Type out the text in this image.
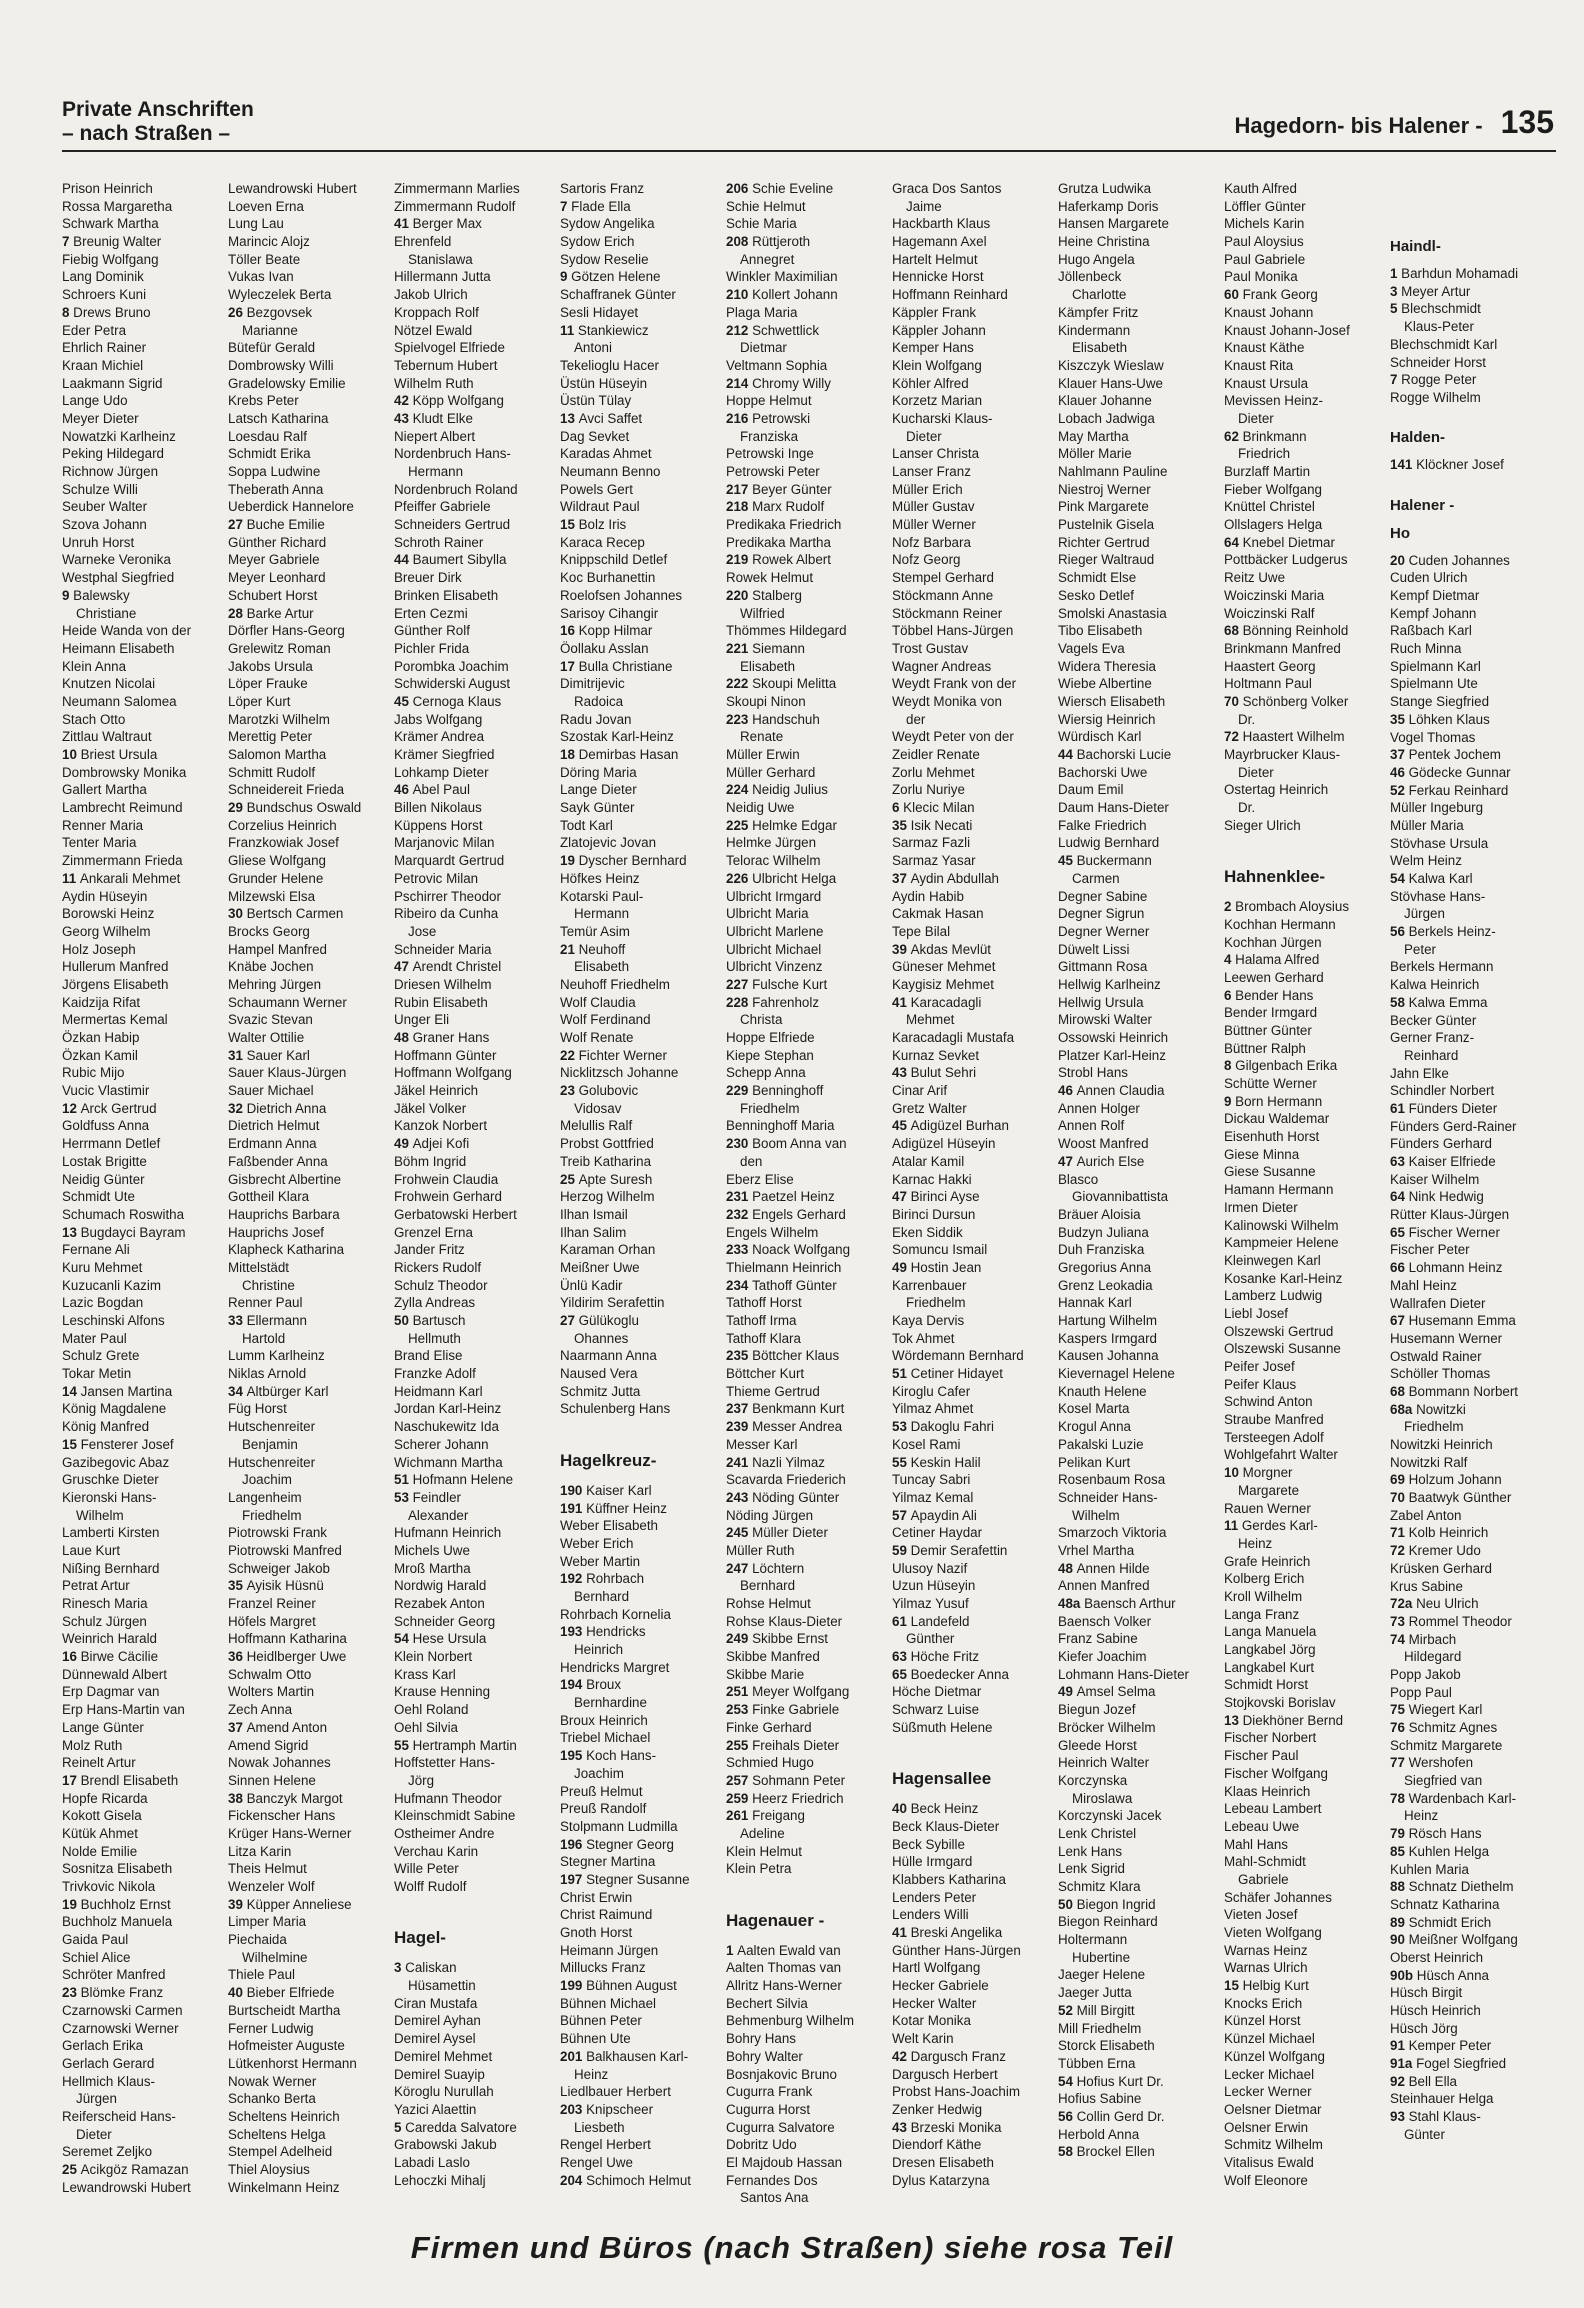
Private Anschriften
– nach Straßen –	Hagedorn- bis Halener - 135
Prison Heinrich
Rossa Margaretha
Schwark Martha
7 Breunig Walter
Fiebig Wolfgang
Lang Dominik
Schroers Kuni
8 Drews Bruno
Eder Petra
Ehrlich Rainer
Kraan Michiel
Laakmann Sigrid
Lange Udo
Meyer Dieter
Nowatzki Karlheinz
Peking Hildegard
Richnow Jürgen
Schulze Willi
Seuber Walter
Szova Johann
Unruh Horst
Warneke Veronika
Westphal Siegfried
9 Balewsky
Christiane
Heide Wanda von der
Heimann Elisabeth
Klein Anna
Knutzen Nicolai
Neumann Salomea
Stach Otto
Zittlau Waltraut
10 Briest Ursula
Dombrowsky Monika
Gallert Martha
Lambrecht Reimund
Renner Maria
Tenter Maria
Zimmermann Frieda
11 Ankarali Mehmet
Aydin Hüseyin
Borowski Heinz
Georg Wilhelm
Holz Joseph
Hullerum Manfred
Jörgens Elisabeth
Kaidzija Rifat
Mermertas Kemal
Özkan Habip
Özkan Kamil
Rubic Mijo
Vucic Vlastimir
12 Arck Gertrud
Goldfuss Anna
Herrmann Detlef
Lostak Brigitte
Neidig Günter
Schmidt Ute
Schumach Roswitha
13 Bugdayci Bayram
Fernane Ali
Kuru Mehmet
Kuzucanli Kazim
Lazic Bogdan
Leschinski Alfons
Mater Paul
Schulz Grete
Tokar Metin
14 Jansen Martina
König Magdalene
König Manfred
15 Fensterer Josef
Gazibegovic Abaz
Gruschke Dieter
Kieronski Hans-
Wilhelm
Lamberti Kirsten
Laue Kurt
Nißing Bernhard
Petrat Artur
Rinesch Maria
Schulz Jürgen
Weinrich Harald
16 Birwe Cäcilie
Dünnewald Albert
Erp Dagmar van
Erp Hans-Martin van
Lange Günter
Molz Ruth
Reinelt Artur
17 Brendl Elisabeth
Hopfe Ricarda
Kokott Gisela
Kütük Ahmet
Nolde Emilie
Sosnitza Elisabeth
Trivkovic Nikola
19 Buchholz Ernst
Buchholz Manuela
Gaida Paul
Schiel Alice
Schröter Manfred
23 Blömke Franz
Czarnowski Carmen
Czarnowski Werner
Gerlach Erika
Gerlach Gerard
Hellmich Klaus-
Jürgen
Reiferscheid Hans-
Dieter
Seremet Zeljko
25 Acikgöz Ramazan
Lewandrowski Hubert
Lewandrowski Hubert
Loeven Erna
Lung Lau
Marincic Alojz
Töller Beate
Vukas Ivan
Wyleczelek Berta
26 Bezgovsek
Marianne
Bütefür Gerald
Dombrowsky Willi
Gradelowsky Emilie
Krebs Peter
Latsch Katharina
Loesdau Ralf
Schmidt Erika
Soppa Ludwine
Theberath Anna
Ueberdick Hannelore
27 Buche Emilie
Günther Richard
Meyer Gabriele
Meyer Leonhard
Schubert Horst
28 Barke Artur
Dörfler Hans-Georg
Grelewitz Roman
Jakobs Ursula
Löper Frauke
Löper Kurt
Marotzki Wilhelm
Merettig Peter
Salomon Martha
Schmitt Rudolf
Schneidereit Frieda
29 Bundschus Oswald
Corzelius Heinrich
Franzkowiak Josef
Gliese Wolfgang
Grunder Helene
Milzewski Elsa
30 Bertsch Carmen
Brocks Georg
Hampel Manfred
Knäbe Jochen
Mehring Jürgen
Schaumann Werner
Svazic Stevan
Walter Ottilie
31 Sauer Karl
Sauer Klaus-Jürgen
Sauer Michael
32 Dietrich Anna
Dietrich Helmut
Erdmann Anna
Faßbender Anna
Gisbrecht Albertine
Gottheil Klara
Hauprichs Barbara
Hauprichs Josef
Klapheck Katharina
Mittelstädt
Christine
Renner Paul
33 Ellermann
Hartold
Lumm Karlheinz
Niklas Arnold
34 Altbürger Karl
Füg Horst
Hutschenreiter
Benjamin
Hutschenreiter
Joachim
Langenheim
Friedhelm
Piotrowski Frank
Piotrowski Manfred
Schweiger Jakob
35 Ayisik Hüsnü
Franzel Reiner
Höfels Margret
Hoffmann Katharina
36 Heidlberger Uwe
Schwalm Otto
Wolters Martin
Zech Anna
37 Amend Anton
Amend Sigrid
Nowak Johannes
Sinnen Helene
38 Banczyk Margot
Fickenscher Hans
Krüger Hans-Werner
Litza Karin
Theis Helmut
Wenzeler Wolf
39 Küpper Anneliese
Limper Maria
Piechaida
Wilhelmine
Thiele Paul
40 Bieber Elfriede
Burtscheidt Martha
Ferner Ludwig
Hofmeister Auguste
Lütkenhorst Hermann
Nowak Werner
Schanko Berta
Scheltens Heinrich
Scheltens Helga
Stempel Adelheid
Thiel Aloysius
Winkelmann Heinz
Zimmermann Marlies
Zimmermann Rudolf
41 Berger Max
Ehrenfeld
Stanislawa
Hillermann Jutta
Jakob Ulrich
Kroppach Rolf
Nötzel Ewald
Spielvogel Elfriede
Tebernum Hubert
Wilhelm Ruth
42 Köpp Wolfgang
43 Kludt Elke
Niepert Albert
Nordenbruch Hans-
Hermann
Nordenbruch Roland
Pfeiffer Gabriele
Schneiders Gertrud
Schroth Rainer
44 Baumert Sibylla
Breuer Dirk
Brinken Elisabeth
Erten Cezmi
Günther Rolf
Pichler Frida
Porombka Joachim
Schwiderski August
45 Cernoga Klaus
Jabs Wolfgang
Krämer Andrea
Krämer Siegfried
Lohkamp Dieter
46 Abel Paul
Billen Nikolaus
Küppens Horst
Marjanovic Milan
Marquardt Gertrud
Petrovic Milan
Pschirrer Theodor
Ribeiro da Cunha
Jose
Schneider Maria
47 Arendt Christel
Driesen Wilhelm
Rubin Elisabeth
Unger Eli
48 Graner Hans
Hoffmann Günter
Hoffmann Wolfgang
Jäkel Heinrich
Jäkel Volker
Kanzok Norbert
49 Adjei Kofi
Böhm Ingrid
Frohwein Claudia
Frohwein Gerhard
Gerbatowski Herbert
Grenzel Erna
Jander Fritz
Rickers Rudolf
Schulz Theodor
Zylla Andreas
50 Bartusch
Hellmuth
Brand Elise
Franzke Adolf
Heidmann Karl
Jordan Karl-Heinz
Naschukewitz Ida
Scherer Johann
Wichmann Martha
51 Hofmann Helene
53 Feindler
Alexander
Hufmann Heinrich
Michels Uwe
Mroß Martha
Nordwig Harald
Rezabek Anton
Schneider Georg
54 Hese Ursula
Klein Norbert
Krass Karl
Krause Henning
Oehl Roland
Oehl Silvia
55 Hertramph Martin
Hoffstetter Hans-
Jörg
Hufmann Theodor
Kleinschmidt Sabine
Ostheimer Andre
Verchau Karin
Wille Peter
Wolff Rudolf
Hagel-
3 Caliskan
Hüsamettin
Ciran Mustafa
Demirel Ayhan
Demirel Aysel
Demirel Mehmet
Demirel Suayip
Köroglu Nurullah
Yazici Alaettin
5 Caredda Salvatore
Grabowski Jakub
Labadi Laslo
Lehoczki Mihalj
Sartoris Franz
7 Flade Ella
Sydow Angelika
Sydow Erich
Sydow Reselie
9 Götzen Helene
Schaffranek Günter
Sesli Hidayet
11 Stankiewicz
Antoni
Tekelioglu Hacer
Üstün Hüseyin
Üstün Tülay
13 Avci Saffet
Dag Sevket
Karadas Ahmet
Neumann Benno
Powels Gert
Wildraut Paul
15 Bolz Iris
Karaca Recep
Knippschild Detlef
Koc Burhanettin
Roelofsen Johannes
Sarisoy Cihangir
16 Kopp Hilmar
Öollaku Asslan
17 Bulla Christiane
Dimitrijevic
Radoica
Radu Jovan
Szostak Karl-Heinz
18 Demirbas Hasan
Döring Maria
Lange Dieter
Sayk Günter
Todt Karl
Zlatojevic Jovan
19 Dyscher Bernhard
Höfkes Heinz
Kotarski Paul-
Hermann
Temür Asim
21 Neuhoff
Elisabeth
Neuhoff Friedhelm
Wolf Claudia
Wolf Ferdinand
Wolf Renate
22 Fichter Werner
Nicklitzsch Johanne
23 Golubovic
Vidosav
Melullis Ralf
Probst Gottfried
Treib Katharina
25 Apte Suresh
Herzog Wilhelm
Ilhan Ismail
Ilhan Salim
Karaman Orhan
Meißner Uwe
Ünlü Kadir
Yildirim Serafettin
27 Gülükoglu
Ohannes
Naarmann Anna
Naused Vera
Schmitz Jutta
Schulenberg Hans
Hagelkreuz-
190 Kaiser Karl
191 Küffner Heinz
Weber Elisabeth
Weber Erich
Weber Martin
192 Rohrbach
Bernhard
Rohrbach Kornelia
193 Hendricks
Heinrich
Hendricks Margret
194 Broux
Bernhardine
Broux Heinrich
Triebel Michael
195 Koch Hans-
Joachim
Preuß Helmut
Preuß Randolf
Stolpmann Ludmilla
196 Stegner Georg
Stegner Martina
197 Stegner Susanne
Christ Erwin
Christ Raimund
Gnoth Horst
Heimann Jürgen
Millucks Franz
199 Bühnen August
Bühnen Michael
Bühnen Peter
Bühnen Ute
201 Balkhausen Karl-
Heinz
Liedlbauer Herbert
203 Knipscheer
Liesbeth
Rengel Herbert
Rengel Uwe
204 Schimoch Helmut
206 Schie Eveline
Schie Helmut
Schie Maria
208 Rüttjeroth
Annegret
Winkler Maximilian
210 Kollert Johann
Plaga Maria
212 Schwettlick
Dietmar
Veltmann Sophia
214 Chromy Willy
Hoppe Helmut
216 Petrowski
Franziska
Petrowski Inge
Petrowski Peter
217 Beyer Günter
218 Marx Rudolf
Predikaka Friedrich
Predikaka Martha
219 Rowek Albert
Rowek Helmut
220 Stalberg
Wilfried
Thömmes Hildegard
221 Siemann
Elisabeth
222 Skoupi Melitta
Skoupi Ninon
223 Handschuh
Renate
Müller Erwin
Müller Gerhard
224 Neidig Julius
Neidig Uwe
225 Helmke Edgar
Helmke Jürgen
Telorac Wilhelm
226 Ulbricht Helga
Ulbricht Irmgard
Ulbricht Maria
Ulbricht Marlene
Ulbricht Michael
Ulbricht Vinzenz
227 Fulsche Kurt
228 Fahrenholz
Christa
Hoppe Elfriede
Kiepe Stephan
Schepp Anna
229 Benninghoff
Friedhelm
Benninghoff Maria
230 Boom Anna van
den
Eberz Elise
231 Paetzel Heinz
232 Engels Gerhard
Engels Wilhelm
233 Noack Wolfgang
Thielmann Heinrich
234 Tathoff Günter
Tathoff Horst
Tathoff Irma
Tathoff Klara
235 Böttcher Klaus
Böttcher Kurt
Thieme Gertrud
237 Benkmann Kurt
239 Messer Andrea
Messer Karl
241 Nazli Yilmaz
Scavarda Friederich
243 Nöding Günter
Nöding Jürgen
245 Müller Dieter
Müller Ruth
247 Löchtern
Bernhard
Rohse Helmut
Rohse Klaus-Dieter
249 Skibbe Ernst
Skibbe Manfred
Skibbe Marie
251 Meyer Wolfgang
253 Finke Gabriele
Finke Gerhard
255 Freihals Dieter
Schmied Hugo
257 Sohmann Peter
259 Heerz Friedrich
261 Freigang
Adeline
Klein Helmut
Klein Petra
Hagenauer -
1 Aalten Ewald van
Aalten Thomas van
Allritz Hans-Werner
Bechert Silvia
Behmenburg Wilhelm
Bohry Hans
Bohry Walter
Bosnjakovic Bruno
Cugurra Frank
Cugurra Horst
Cugurra Salvatore
Dobritz Udo
El Majdoub Hassan
Fernandes Dos
Santos Ana
Graca Dos Santos
Jaime
Hackbarth Klaus
Hagemann Axel
Hartelt Helmut
Hennicke Horst
Hoffmann Reinhard
Käppler Frank
Käppler Johann
Kemper Hans
Klein Wolfgang
Köhler Alfred
Korzetz Marian
Kucharski Klaus-
Dieter
Lanser Christa
Lanser Franz
Müller Erich
Müller Gustav
Müller Werner
Nofz Barbara
Nofz Georg
Stempel Gerhard
Stöckmann Anne
Stöckmann Reiner
Többel Hans-Jürgen
Trost Gustav
Wagner Andreas
Weydt Frank von der
Weydt Monika von
der
Weydt Peter von der
Zeidler Renate
Zorlu Mehmet
Zorlu Nuriye
6 Klecic Milan
35 Isik Necati
Sarmaz Fazli
Sarmaz Yasar
37 Aydin Abdullah
Aydin Habib
Cakmak Hasan
Tepe Bilal
39 Akdas Mevlüt
Güneser Mehmet
Kaygisiz Mehmet
41 Karacadagli
Mehmet
Karacadagli Mustafa
Kurnaz Sevket
43 Bulut Sehri
Cinar Arif
Gretz Walter
45 Adigüzel Burhan
Adigüzel Hüseyin
Atalar Kamil
Karnac Hakki
47 Birinci Ayse
Birinci Dursun
Eken Siddik
Somuncu Ismail
49 Hostin Jean
Karrenbauer
Friedhelm
Kaya Dervis
Tok Ahmet
Wördemann Bernhard
51 Cetiner Hidayet
Kiroglu Cafer
Yilmaz Ahmet
53 Dakoglu Fahri
Kosel Rami
55 Keskin Halil
Tuncay Sabri
Yilmaz Kemal
57 Apaydin Ali
Cetiner Haydar
59 Demir Serafettin
Ulusoy Nazif
Uzun Hüseyin
Yilmaz Yusuf
61 Landefeld
Günther
63 Höche Fritz
65 Boedecker Anna
Höche Dietmar
Schwarz Luise
Süßmuth Helene
Hagensallee
40 Beck Heinz
Beck Klaus-Dieter
Beck Sybille
Hülle Irmgard
Klabbers Katharina
Lenders Peter
Lenders Willi
41 Breski Angelika
Günther Hans-Jürgen
Hartl Wolfgang
Hecker Gabriele
Hecker Walter
Kotar Monika
Welt Karin
42 Dargusch Franz
Dargusch Herbert
Probst Hans-Joachim
Zenker Hedwig
43 Brzeski Monika
Diendorf Käthe
Dresen Elisabeth
Dylus Katarzyna
Grutza Ludwika
Haferkamp Doris
Hansen Margarete
Heine Christina
Hugo Angela
Jöllenbeck
Charlotte
Kämpfer Fritz
Kindermann
Elisabeth
Kiszczyk Wieslaw
Klauer Hans-Uwe
Klauer Johanne
Lobach Jadwiga
May Martha
Möller Marie
Nahlmann Pauline
Niestroj Werner
Pink Margarete
Pustelnik Gisela
Richter Gertrud
Rieger Waltraud
Schmidt Else
Sesko Detlef
Smolski Anastasia
Tibo Elisabeth
Vagels Eva
Widera Theresia
Wiebe Albertine
Wiersch Elisabeth
Wiersig Heinrich
Würdisch Karl
44 Bachorski Lucie
Bachorski Uwe
Daum Emil
Daum Hans-Dieter
Falke Friedrich
Ludwig Bernhard
45 Buckermann
Carmen
Degner Sabine
Degner Sigrun
Degner Werner
Düwelt Lissi
Gittmann Rosa
Hellwig Karlheinz
Hellwig Ursula
Mirowski Walter
Ossowski Heinrich
Platzer Karl-Heinz
Strobl Hans
46 Annen Claudia
Annen Holger
Annen Rolf
Woost Manfred
47 Aurich Else
Blasco
Giovannibattista
Bräuer Aloisia
Budzyn Juliana
Duh Franziska
Gregorius Anna
Grenz Leokadia
Hannak Karl
Hartung Wilhelm
Kaspers Irmgard
Kausen Johanna
Kievernagel Helene
Knauth Helene
Kosel Marta
Krogul Anna
Pakalski Luzie
Pelikan Kurt
Rosenbaum Rosa
Schneider Hans-
Wilhelm
Smarzoch Viktoria
Vrhel Martha
48 Annen Hilde
Annen Manfred
48a Baensch Arthur
Baensch Volker
Franz Sabine
Kiefer Joachim
Lohmann Hans-Dieter
49 Amsel Selma
Biegun Jozef
Bröcker Wilhelm
Gleede Horst
Heinrich Walter
Korczynska
Miroslawa
Korczynski Jacek
Lenk Christel
Lenk Hans
Lenk Sigrid
Schmitz Klara
50 Biegon Ingrid
Biegon Reinhard
Holtermann
Hubertine
Jaeger Helene
Jaeger Jutta
52 Mill Birgitt
Mill Friedhelm
Storck Elisabeth
Tübben Erna
54 Hofius Kurt Dr.
Hofius Sabine
56 Collin Gerd Dr.
Herbold Anna
58 Brockel Ellen
Kauth Alfred
Löffler Günter
Michels Karin
Paul Aloysius
Paul Gabriele
Paul Monika
60 Frank Georg
Knaust Johann
Knaust Johann-Josef
Knaust Käthe
Knaust Rita
Knaust Ursula
Mevissen Heinz-
Dieter
62 Brinkmann
Friedrich
Burzlaff Martin
Fieber Wolfgang
Knüttel Christel
Ollslagers Helga
64 Knebel Dietmar
Pottbäcker Ludgerus
Reitz Uwe
Woiczinski Maria
Woiczinski Ralf
68 Bönning Reinhold
Brinkmann Manfred
Haastert Georg
Holtmann Paul
70 Schönberg Volker
Dr.
72 Haastert Wilhelm
Mayrbrucker Klaus-
Dieter
Ostertag Heinrich
Dr.
Sieger Ulrich
Hahnenklee-
2 Brombach Aloysius
Kochhan Hermann
Kochhan Jürgen
4 Halama Alfred
Leewen Gerhard
6 Bender Hans
Bender Irmgard
Büttner Günter
Büttner Ralph
8 Gilgenbach Erika
Schütte Werner
9 Born Hermann
Dickau Waldemar
Eisenhuth Horst
Giese Minna
Giese Susanne
Hamann Hermann
Irmen Dieter
Kalinowski Wilhelm
Kampmeier Helene
Kleinwegen Karl
Kosanke Karl-Heinz
Lamberz Ludwig
Liebl Josef
Olszewski Gertrud
Olszewski Susanne
Peifer Josef
Peifer Klaus
Schwind Anton
Straube Manfred
Tersteegen Adolf
Wohlgefahrt Walter
10 Morgner
Margarete
Rauen Werner
11 Gerdes Karl-
Heinz
Grafe Heinrich
Kolberg Erich
Kroll Wilhelm
Langa Franz
Langa Manuela
Langkabel Jörg
Langkabel Kurt
Schmidt Horst
Stojkovski Borislav
13 Diekhöner Bernd
Fischer Norbert
Fischer Paul
Fischer Wolfgang
Klaas Heinrich
Lebeau Lambert
Lebeau Uwe
Mahl Hans
Mahl-Schmidt
Gabriele
Schäfer Johannes
Vieten Josef
Vieten Wolfgang
Warnas Heinz
Warnas Ulrich
15 Helbig Kurt
Knocks Erich
Künzel Horst
Künzel Michael
Künzel Wolfgang
Lecker Michael
Lecker Werner
Oelsner Dietmar
Oelsner Erwin
Schmitz Wilhelm
Vitalisus Ewald
Wolf Eleonore
Haindl-
1 Barhdun Mohamadi
3 Meyer Artur
5 Blechschmidt
Klaus-Peter
Blechschmidt Karl
Schneider Horst
7 Rogge Peter
Rogge Wilhelm
Halden-
141 Klöckner Josef
Halener -
Ho
20 Cuden Johannes
Cuden Ulrich
Kempf Dietmar
Kempf Johann
Raßbach Karl
Ruch Minna
Spielmann Karl
Spielmann Ute
Stange Siegfried
35 Löhken Klaus
Vogel Thomas
37 Pentek Jochem
46 Gödecke Gunnar
52 Ferkau Reinhard
Müller Ingeburg
Müller Maria
Stövhase Ursula
Welm Heinz
54 Kalwa Karl
Stövhase Hans-
Jürgen
56 Berkels Heinz-
Peter
Berkels Hermann
Kalwa Heinrich
58 Kalwa Emma
Becker Günter
Gerner Franz-
Reinhard
Jahn Elke
Schindler Norbert
61 Fünders Dieter
Fünders Gerd-Rainer
Fünders Gerhard
63 Kaiser Elfriede
Kaiser Wilhelm
64 Nink Hedwig
Rütter Klaus-Jürgen
65 Fischer Werner
Fischer Peter
66 Lohmann Heinz
Mahl Heinz
Wallrafen Dieter
67 Husemann Emma
Husemann Werner
Ostwald Rainer
Schöller Thomas
68 Bommann Norbert
68a Nowitzki
Friedhelm
Nowitzki Heinrich
Nowitzki Ralf
69 Holzum Johann
70 Baatwyk Günther
Zabel Anton
71 Kolb Heinrich
72 Kremer Udo
Krüsken Gerhard
Krus Sabine
72a Neu Ulrich
73 Rommel Theodor
74 Mirbach
Hildegard
Popp Jakob
Popp Paul
75 Wiegert Karl
76 Schmitz Agnes
Schmitz Margarete
77 Wershofen
Siegfried van
78 Wardenbach Karl-
Heinz
79 Rösch Hans
85 Kuhlen Helga
Kuhlen Maria
88 Schnatz Diethelm
Schnatz Katharina
89 Schmidt Erich
90 Meißner Wolfgang
Oberst Heinrich
90b Hüsch Anna
Hüsch Birgit
Hüsch Heinrich
Hüsch Jörg
91 Kemper Peter
91a Fogel Siegfried
92 Bell Ella
Steinhauer Helga
93 Stahl Klaus-
Günter
Firmen und Büros (nach Straßen) siehe rosa Teil
